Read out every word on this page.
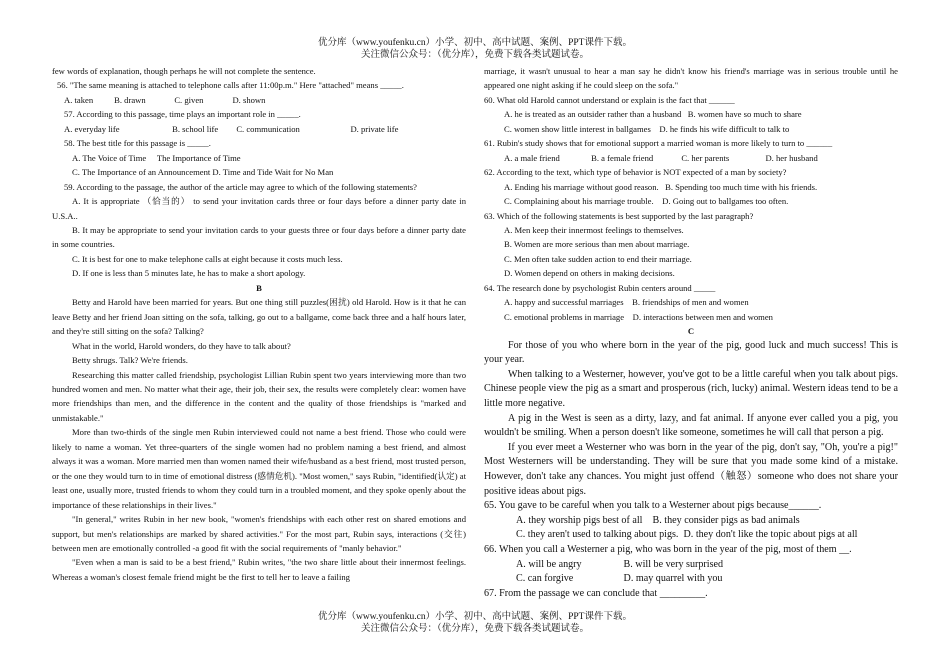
优分库（www.youfenku.cn）小学、初中、高中试题、案例、PPT课件下载。
关注微信公众号：（优分库），免费下载各类试题试卷。

few words of explanation, though perhaps he will not complete the sentence.

56. "The same meaning is attached to telephone calls after 11:00p.m." Here "attached" means _____.

A. taken B. drawn	C. given	D. shown

57. According to this passage, time plays an important role in _____.

A. everyday life	B. school life C. communication	D. private life

58. The best title for this passage is _____.

A. The Voice of Time     The Importance of Time

C. The Importance of an Announcement D. Time and Tide Wait for No Man

59. According to the passage, the author of the article may agree to which of the following statements?

A. It is appropriate （恰当的） to send your invitation cards three or four days before a dinner party date in U.S.A..

B. It may be appropriate to send your invitation cards to your guests three or four days before a dinner party date in some countries.

C. It is best for one to make telephone calls at eight because it costs much less.

D. If one is less than 5 minutes late, he has to make a short apology.

B

Betty and Harold have been married for years. But one thing still puzzles(困扰) old Harold. How is it that he can leave Betty and her friend Joan sitting on the sofa, talking, go out to a ballgame, come back three and a half hours later, and they're still sitting on the sofa? Talking?

What in the world, Harold wonders, do they have to talk about?

Betty shrugs. Talk? We're friends.

Researching this matter called friendship, psychologist Lillian Rubin spent two years interviewing more than two hundred women and men. No matter what their age, their job, their sex, the results were completely clear: women have more friendships than men, and the difference in the content and the quality of those friendships is "marked and unmistakable."

More than two-thirds of the single men Rubin interviewed could not name a best friend. Those who could were likely to name a woman. Yet three-quarters of the single women had no problem naming a best friend, and almost always it was a woman. More married men than women named their wife/husband as a best friend, most trusted person, or the one they would turn to in time of emotional distress (感情危机). "Most women," says Rubin, "identified(认定) at least one, usually more, trusted friends to whom they could turn in a troubled moment, and they spoke openly about the importance of these relationships in their lives."

"In general," writes Rubin in her new book, "women's friendships with each other rest on shared emotions and support, but men's relationships are marked by shared activities." For the most part, Rubin says, interactions (交往) between men are emotionally controlled -a good fit with the social requirements of "manly behavior."

"Even when a man is said to be a best friend," Rubin writes, "the two share little about their innermost feelings. Whereas a woman's closest female friend might be the first to tell her to leave a failing

marriage, it wasn't unusual to hear a man say he didn't know his friend's marriage was in serious trouble until he appeared one night asking if he could sleep on the sofa."

60. What old Harold cannot understand or explain is the fact that ______

A. he is treated as an outsider rather than a husband   B. women have so much to share

C. women show little interest in ballgames    D. he finds his wife difficult to talk to

61. Rubin's study shows that for emotional support a married woman is more likely to turn to ______

A. a male friend	B. a female friend	C. her parents	D. her husband

62. According to the text, which type of behavior is NOT expected of a man by society?

A. Ending his marriage without good reason.   B. Spending too much time with his friends.

C. Complaining about his marriage trouble.    D. Going out to ballgames too often.

63. Which of the following statements is best supported by the last paragraph?

A. Men keep their innermost feelings to themselves.

B. Women are more serious than men about marriage.

C. Men often take sudden action to end their marriage.

D. Women depend on others in making decisions.

64. The research done by psychologist Rubin centers around _____

A. happy and successful marriages    B. friendships of men and women

C. emotional problems in marriage    D. interactions between men and women

C

For those of you who where born in the year of the pig, good luck and much success! This is your year.

When talking to a Westerner, however, you've got to be a little careful when you talk about pigs. Chinese people view the pig as a smart and prosperous (rich, lucky) animal. Western ideas tend to be a little more negative.

A pig in the West is seen as a dirty, lazy, and fat animal. If anyone ever called you a pig, you wouldn't be smiling. When a person doesn't like someone, sometimes he will call that person a pig.

If you ever meet a Westerner who was born in the year of the pig, don't say, "Oh, you're a pig!" Most Westerners will be understanding. They will be sure that you made some kind of a mistake. However, don't take any chances. You might just offend（触怒）someone who does not share your positive ideas about pigs.

65. You gave to be careful when you talk to a Westerner about pigs because______.

A. they worship pigs best of all    B. they consider pigs as bad animals

C. they aren't used to talking about pigs.  D. they don't like the topic about pigs at all

66. When you call a Westerner a pig, who was born in the year of the pig, most of them __.

A. will be angry	B. will be very surprised

C. can forgive	D. may quarrel with you

67. From the passage we can conclude that _________.

优分库（www.youfenku.cn）小学、初中、高中试题、案例、PPT课件下载。
关注微信公众号：（优分库），免费下载各类试题试卷。
